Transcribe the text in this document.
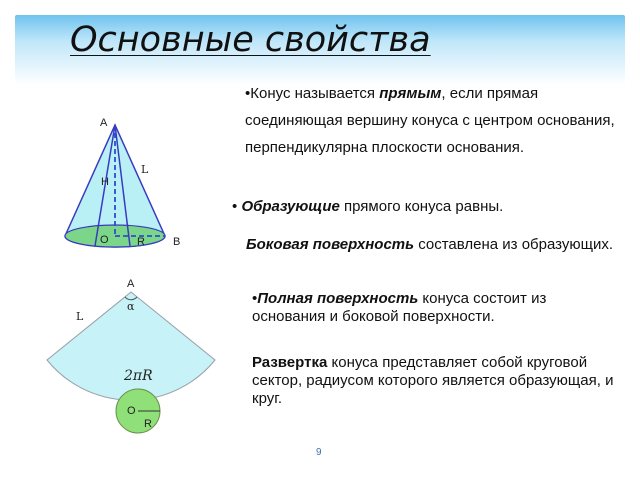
Основные свойства
A
L
H
O	R	B
A
α
L
2πR
O
R
•Конус называется прямым, если прямая соединяющая вершину конуса с центром основания, перпендикулярна плоскости основания.
• Образующие прямого конуса равны.
Боковая поверхность составлена из образующих.
•Полная поверхность конуса состоит из основания и боковой поверхности.
Развертка конуса представляет собой круговой сектор, радиусом которого является образующая, и круг.
9
